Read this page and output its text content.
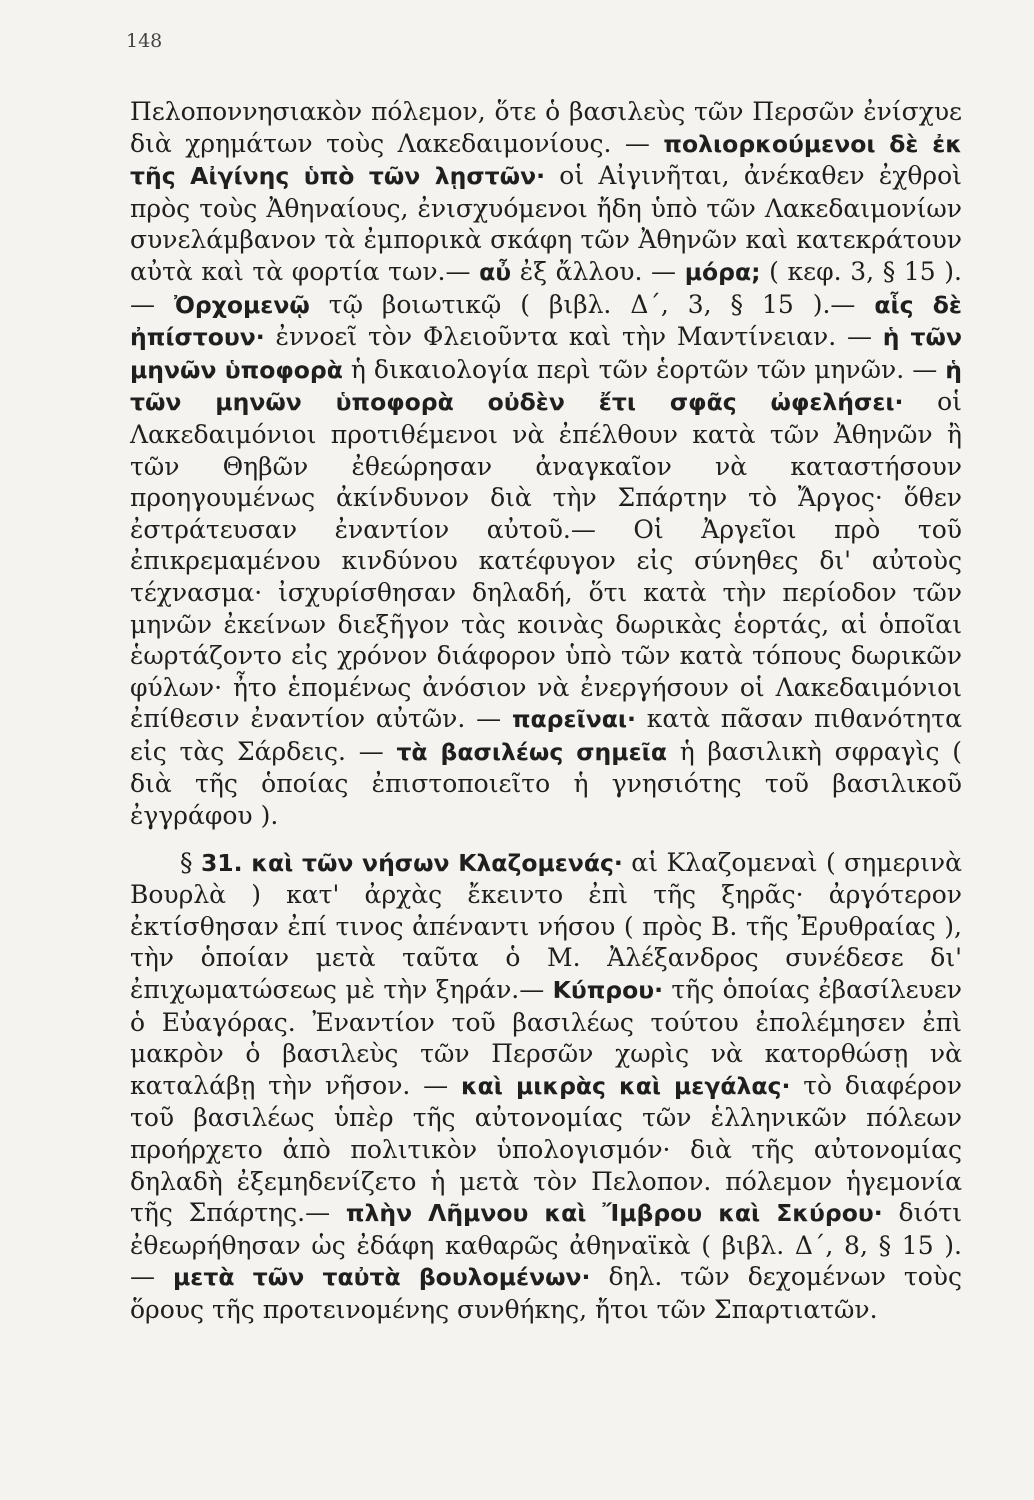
148

Πελοποννησιακὸν πόλεμον, ὅτε ὁ βασιλεὺς τῶν Περσῶν ἐνίσχυε διὰ χρημάτων τοὺς Λακεδαιμονίους. — πολιορκούμενοι δὲ ἐκ τῆς Αἰγίνης ὑπὸ τῶν λῃστῶν· οἱ Αἰγινῆται, ἀνέκαθεν ἐχθροὶ πρὸς τοὺς Ἀθηναίους, ἐνισχυόμενοι ἤδη ὑπὸ τῶν Λακεδαιμονίων συνελάμβανον τὰ ἐμπορικὰ σκάφη τῶν Ἀθηνῶν καὶ κατεκράτουν αὐτὰ καὶ τὰ φορτία των.— αὖ ἐξ ἄλλου. — μόρα; ( κεφ. 3, § 15 ). — Ὀρχομενῷ τῷ βοιωτικῷ ( βιβλ. Δ΄, 3, § 15 ).— αἷς δὲ ἠπίστουν· ἐννοεῖ τὸν Φλειοῦντα καὶ τὴν Μαντίνειαν. — ἡ τῶν μηνῶν ὑποφορὰ ἡ δικαιολογία περὶ τῶν ἑορτῶν τῶν μηνῶν. — ἡ τῶν μηνῶν ὑποφορὰ οὐδὲν ἔτι σφᾶς ὠφελήσει· οἱ Λακεδαιμόνιοι προτιθέμενοι νὰ ἐπέλθουν κατὰ τῶν Ἀθηνῶν ἢ τῶν Θηβῶν ἐθεώρησαν ἀναγκαῖον νὰ καταστήσουν προηγουμένως ἀκίνδυνον διὰ τὴν Σπάρτην τὸ Ἄργος· ὅθεν ἐστράτευσαν ἐναντίον αὐτοῦ.— Οἱ Ἀργεῖοι πρὸ τοῦ ἐπικρεμαμένου κινδύνου κατέφυγον εἰς σύνηθες δι' αὐτοὺς τέχνασμα· ἰσχυρίσθησαν δηλαδή, ὅτι κατὰ τὴν περίοδον τῶν μηνῶν ἐκείνων διεξῆγον τὰς κοινὰς δωρικὰς ἑορτάς, αἱ ὁποῖαι ἑωρτάζοντο εἰς χρόνον διάφορον ὑπὸ τῶν κατὰ τόπους δωρικῶν φύλων· ἦτο ἑπομένως ἀνόσιον νὰ ἐνεργήσουν οἱ Λακεδαιμόνιοι ἐπίθεσιν ἐναντίον αὐτῶν. — παρεῖναι· κατὰ πᾶσαν πιθανότητα εἰς τὰς Σάρδεις. — τὰ βασιλέως σημεῖα ἡ βασιλικὴ σφραγὶς ( διὰ τῆς ὁποίας ἐπιστοποιεῖτο ἡ γνησιότης τοῦ βασιλικοῦ ἐγγράφου ).

§ 31. καὶ τῶν νήσων Κλαζομενάς· αἱ Κλαζομεναὶ ( σημερινὰ Βουρλὰ ) κατ' ἀρχὰς ἔκειντο ἐπὶ τῆς ξηρᾶς· ἀργότερον ἐκτίσθησαν ἐπί τινος ἀπέναντι νήσου ( πρὸς Β. τῆς Ἐρυθραίας ), τὴν ὁποίαν μετὰ ταῦτα ὁ Μ. Ἀλέξανδρος συνέδεσε δι' ἐπιχωματώσεως μὲ τὴν ξηράν.— Κύπρου· τῆς ὁποίας ἐβασίλευεν ὁ Εὐαγόρας. Ἐναντίον τοῦ βασιλέως τούτου ἐπολέμησεν ἐπὶ μακρὸν ὁ βασιλεὺς τῶν Περσῶν χωρὶς νὰ κατορθώσῃ νὰ καταλάβῃ τὴν νῆσον. — καὶ μικρὰς καὶ μεγάλας· τὸ διαφέρον τοῦ βασιλέως ὑπὲρ τῆς αὐτονομίας τῶν ἑλληνικῶν πόλεων προήρχετο ἀπὸ πολιτικὸν ὑπολογισμόν· διὰ τῆς αὐτονομίας δηλαδὴ ἐξεμηδενίζετο ἡ μετὰ τὸν Πελοπον. πόλεμον ἡγεμονία τῆς Σπάρτης.— πλὴν Λῆμνου καὶ Ἴμβρου καὶ Σκύρου· διότι ἐθεωρήθησαν ὡς ἐδάφη καθαρῶς ἀθηναϊκὰ ( βιβλ. Δ΄, 8, § 15 ). — μετὰ τῶν ταὐτὰ βουλομένων· δηλ. τῶν δεχομένων τοὺς ὅρους τῆς προτεινομένης συνθήκης, ἤτοι τῶν Σπαρτιατῶν.
